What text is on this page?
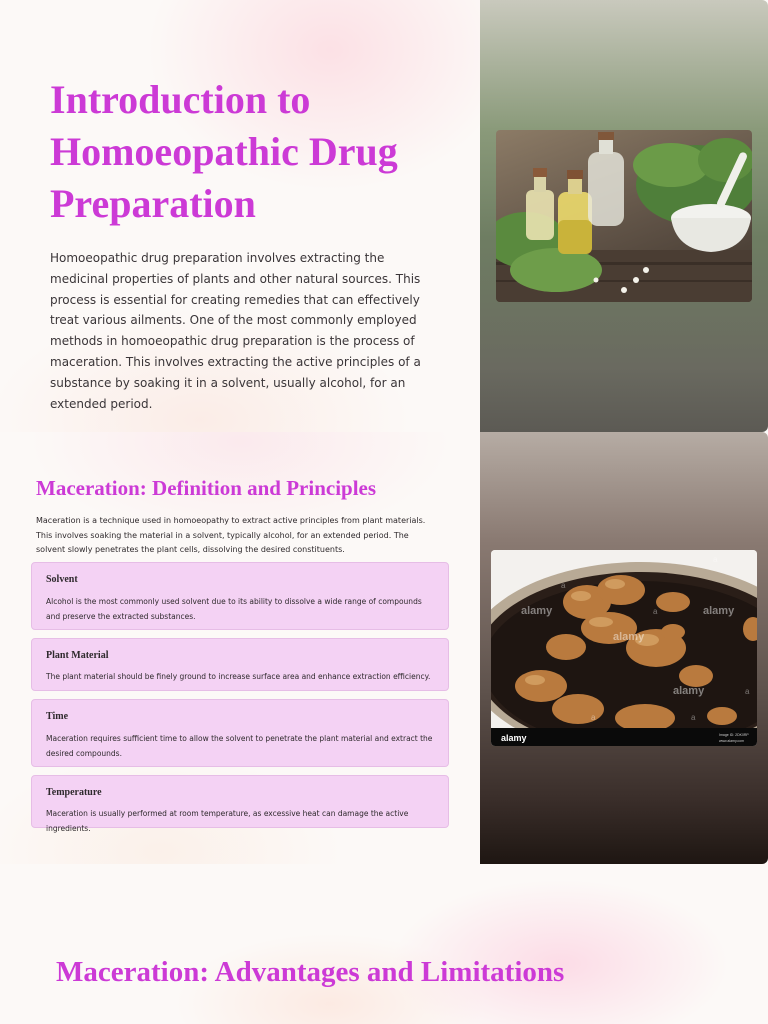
Introduction to Homoeopathic Drug Preparation

Homoeopathic drug preparation involves extracting the medicinal properties of plants and other natural sources. This process is essential for creating remedies that can effectively treat various ailments. One of the most commonly employed methods in homoeopathic drug preparation is the process of maceration. This involves extracting the active principles of a substance by soaking it in a solvent, usually alcohol, for an extended period.

Maceration: Definition and Principles

Maceration is a technique used in homoeopathy to extract active principles from plant materials. This involves soaking the material in a solvent, typically alcohol, for an extended period. The solvent slowly penetrates the plant cells, dissolving the desired constituents.

Solvent

Alcohol is the most commonly used solvent due to its ability to dissolve a wide range of compounds and preserve the extracted substances.

Plant Material

The plant material should be finely ground to increase surface area and enhance extraction efficiency.

Time

Maceration requires sufficient time to allow the solvent to penetrate the plant material and extract the desired compounds.

Temperature

Maceration is usually performed at room temperature, as excessive heat can damage the active ingredients.

alamy	alamy
alamy
alamy
a
a
a
a
a	a
alamy	Image ID: 2DK0RP
www.alamy.com
Maceration: Advantages and Limitations
